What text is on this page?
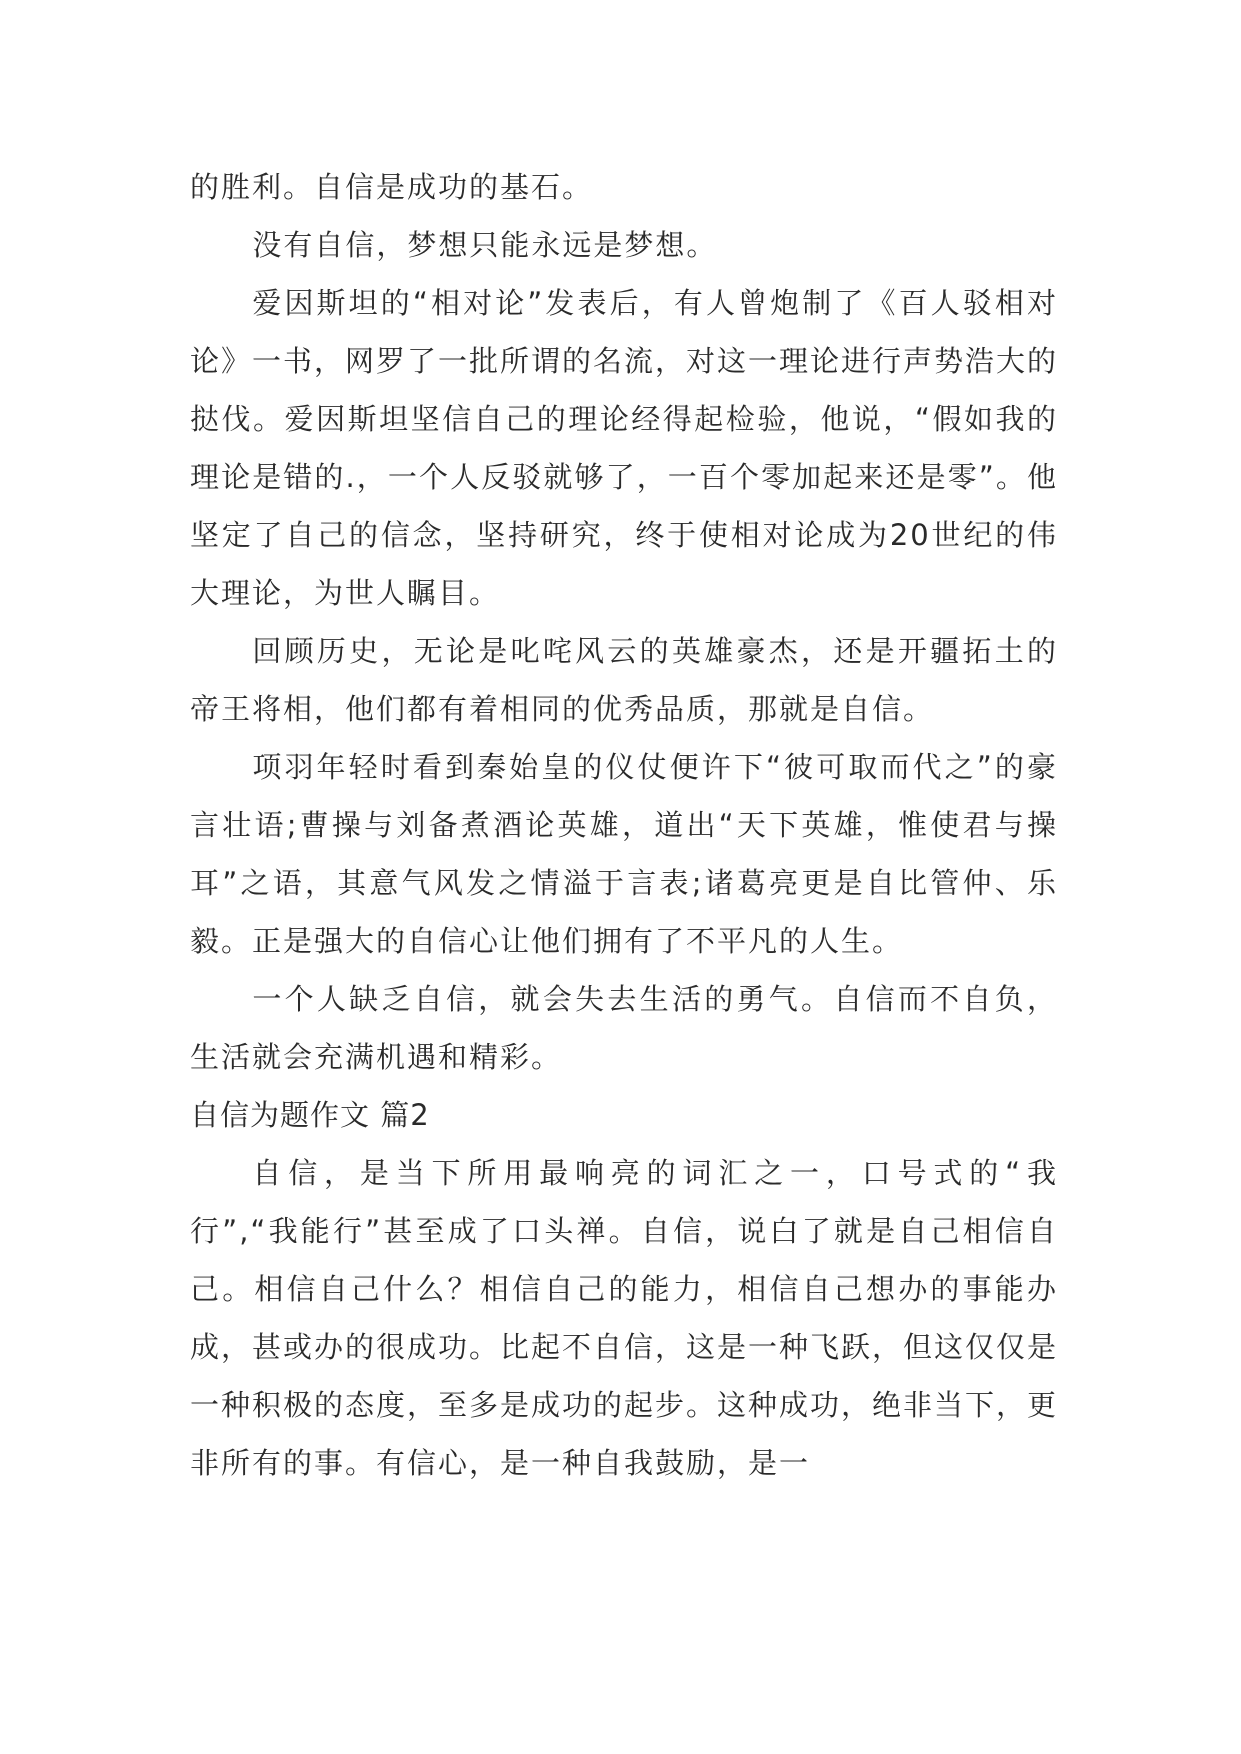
的胜利。自信是成功的基石。

没有自信，梦想只能永远是梦想。

爱因斯坦的“相对论”发表后，有人曾炮制了《百人驳相对论》一书，网罗了一批所谓的名流，对这一理论进行声势浩大的挞伐。爱因斯坦坚信自己的理论经得起检验，他说，“假如我的理论是错的.，一个人反驳就够了，一百个零加起来还是零”。他坚定了自己的信念，坚持研究，终于使相对论成为20世纪的伟大理论，为世人瞩目。

回顾历史，无论是叱咤风云的英雄豪杰，还是开疆拓土的帝王将相，他们都有着相同的优秀品质，那就是自信。

项羽年轻时看到秦始皇的仪仗便许下“彼可取而代之”的豪言壮语;曹操与刘备煮酒论英雄，道出“天下英雄，惟使君与操耳”之语，其意气风发之情溢于言表;诸葛亮更是自比管仲、乐毅。正是强大的自信心让他们拥有了不平凡的人生。

一个人缺乏自信，就会失去生活的勇气。自信而不自负，生活就会充满机遇和精彩。

自信为题作文 篇2

自信，是当下所用最响亮的词汇之一，口号式的“我行”,“我能行”甚至成了口头禅。自信，说白了就是自己相信自己。相信自己什么？相信自己的能力，相信自己想办的事能办成，甚或办的很成功。比起不自信，这是一种飞跃，但这仅仅是一种积极的态度，至多是成功的起步。这种成功，绝非当下，更非所有的事。有信心，是一种自我鼓励，是一
